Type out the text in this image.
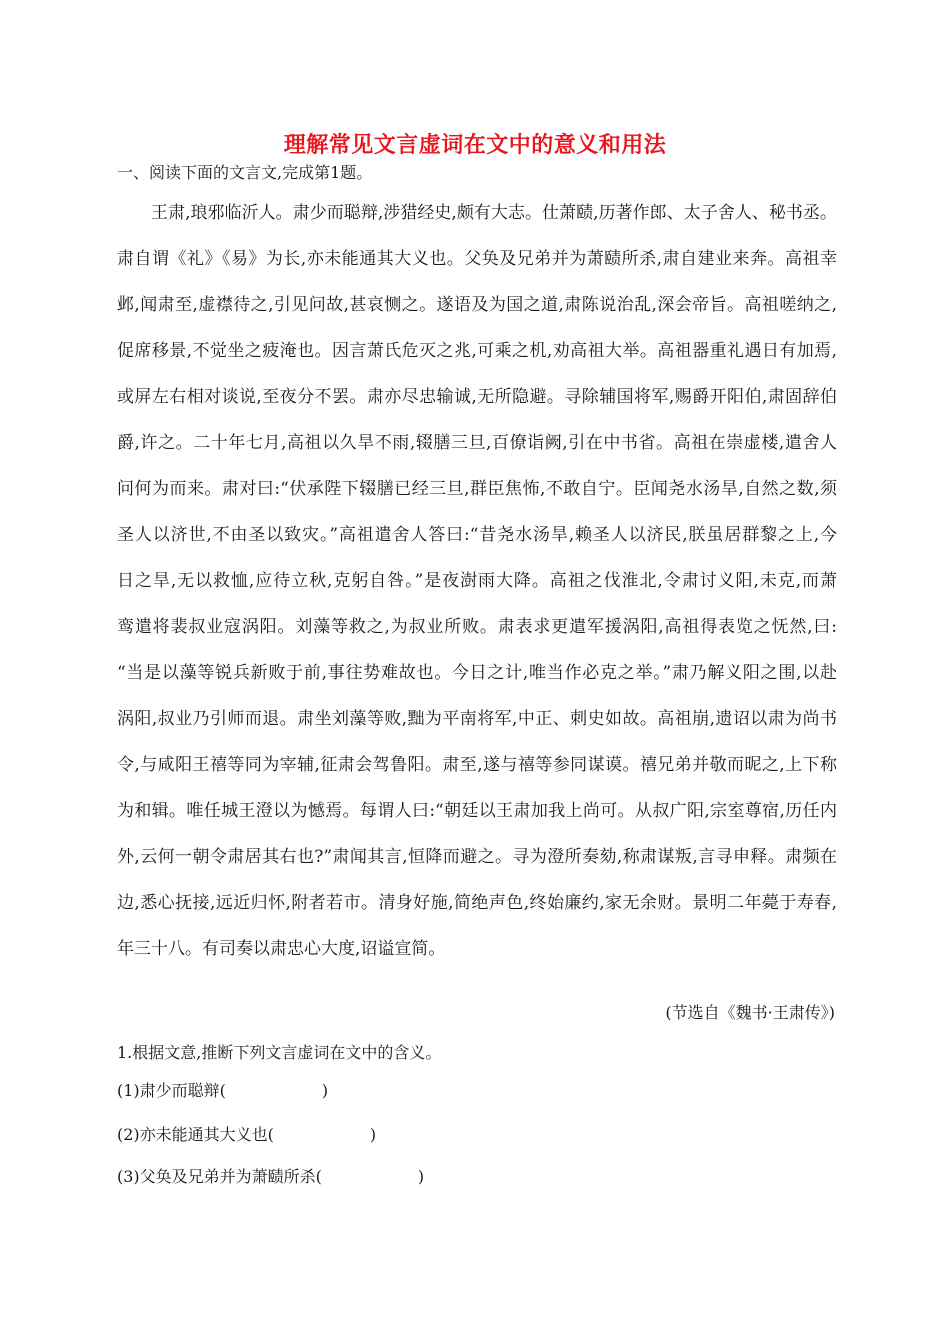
理解常见文言虚词在文中的意义和用法
一、阅读下面的文言文,完成第1题。
王肃,琅邪临沂人。肃少而聪辩,涉猎经史,颇有大志。仕萧赜,历著作郎、太子舍人、秘书丞。
肃自谓《礼》《易》为长,亦未能通其大义也。父奂及兄弟并为萧赜所杀,肃自建业来奔。高祖幸
邺,闻肃至,虚襟待之,引见问故,甚哀恻之。遂语及为国之道,肃陈说治乱,深会帝旨。高祖嗟纳之,
促席移景,不觉坐之疲淹也。因言萧氏危灭之兆,可乘之机,劝高祖大举。高祖器重礼遇日有加焉,
或屏左右相对谈说,至夜分不罢。肃亦尽忠输诚,无所隐避。寻除辅国将军,赐爵开阳伯,肃固辞伯
爵,许之。二十年七月,高祖以久旱不雨,辍膳三旦,百僚诣阙,引在中书省。高祖在崇虚楼,遣舍人
问何为而来。肃对曰:“伏承陛下辍膳已经三旦,群臣焦怖,不敢自宁。臣闻尧水汤旱,自然之数,须
圣人以济世,不由圣以致灾。”高祖遣舍人答曰:“昔尧水汤旱,赖圣人以济民,朕虽居群黎之上,今
日之旱,无以救恤,应待立秋,克躬自咎。”是夜澍雨大降。高祖之伐淮北,令肃讨义阳,未克,而萧
鸾遣将裴叔业寇涡阳。刘藻等救之,为叔业所败。肃表求更遣军援涡阳,高祖得表览之怃然,曰:
“当是以藻等锐兵新败于前,事往势难故也。今日之计,唯当作必克之举。”肃乃解义阳之围,以赴
涡阳,叔业乃引师而退。肃坐刘藻等败,黜为平南将军,中正、刺史如故。高祖崩,遗诏以肃为尚书
令,与咸阳王禧等同为宰辅,征肃会驾鲁阳。肃至,遂与禧等参同谋谟。禧兄弟并敬而昵之,上下称
为和辑。唯任城王澄以为憾焉。每谓人曰:“朝廷以王肃加我上尚可。从叔广阳,宗室尊宿,历任内
外,云何一朝令肃居其右也?”肃闻其言,恒降而避之。寻为澄所奏劾,称肃谋叛,言寻申释。肃频在
边,悉心抚接,远近归怀,附者若市。清身好施,简绝声色,终始廉约,家无余财。景明二年薨于寿春,
年三十八。有司奏以肃忠心大度,诏谥宣简。
(节选自《魏书·王肃传》)
1.根据文意,推断下列文言虚词在文中的含义。
(1)肃少而聪辩(	)
(2)亦未能通其大义也(	)
(3)父奂及兄弟并为萧赜所杀(	)
